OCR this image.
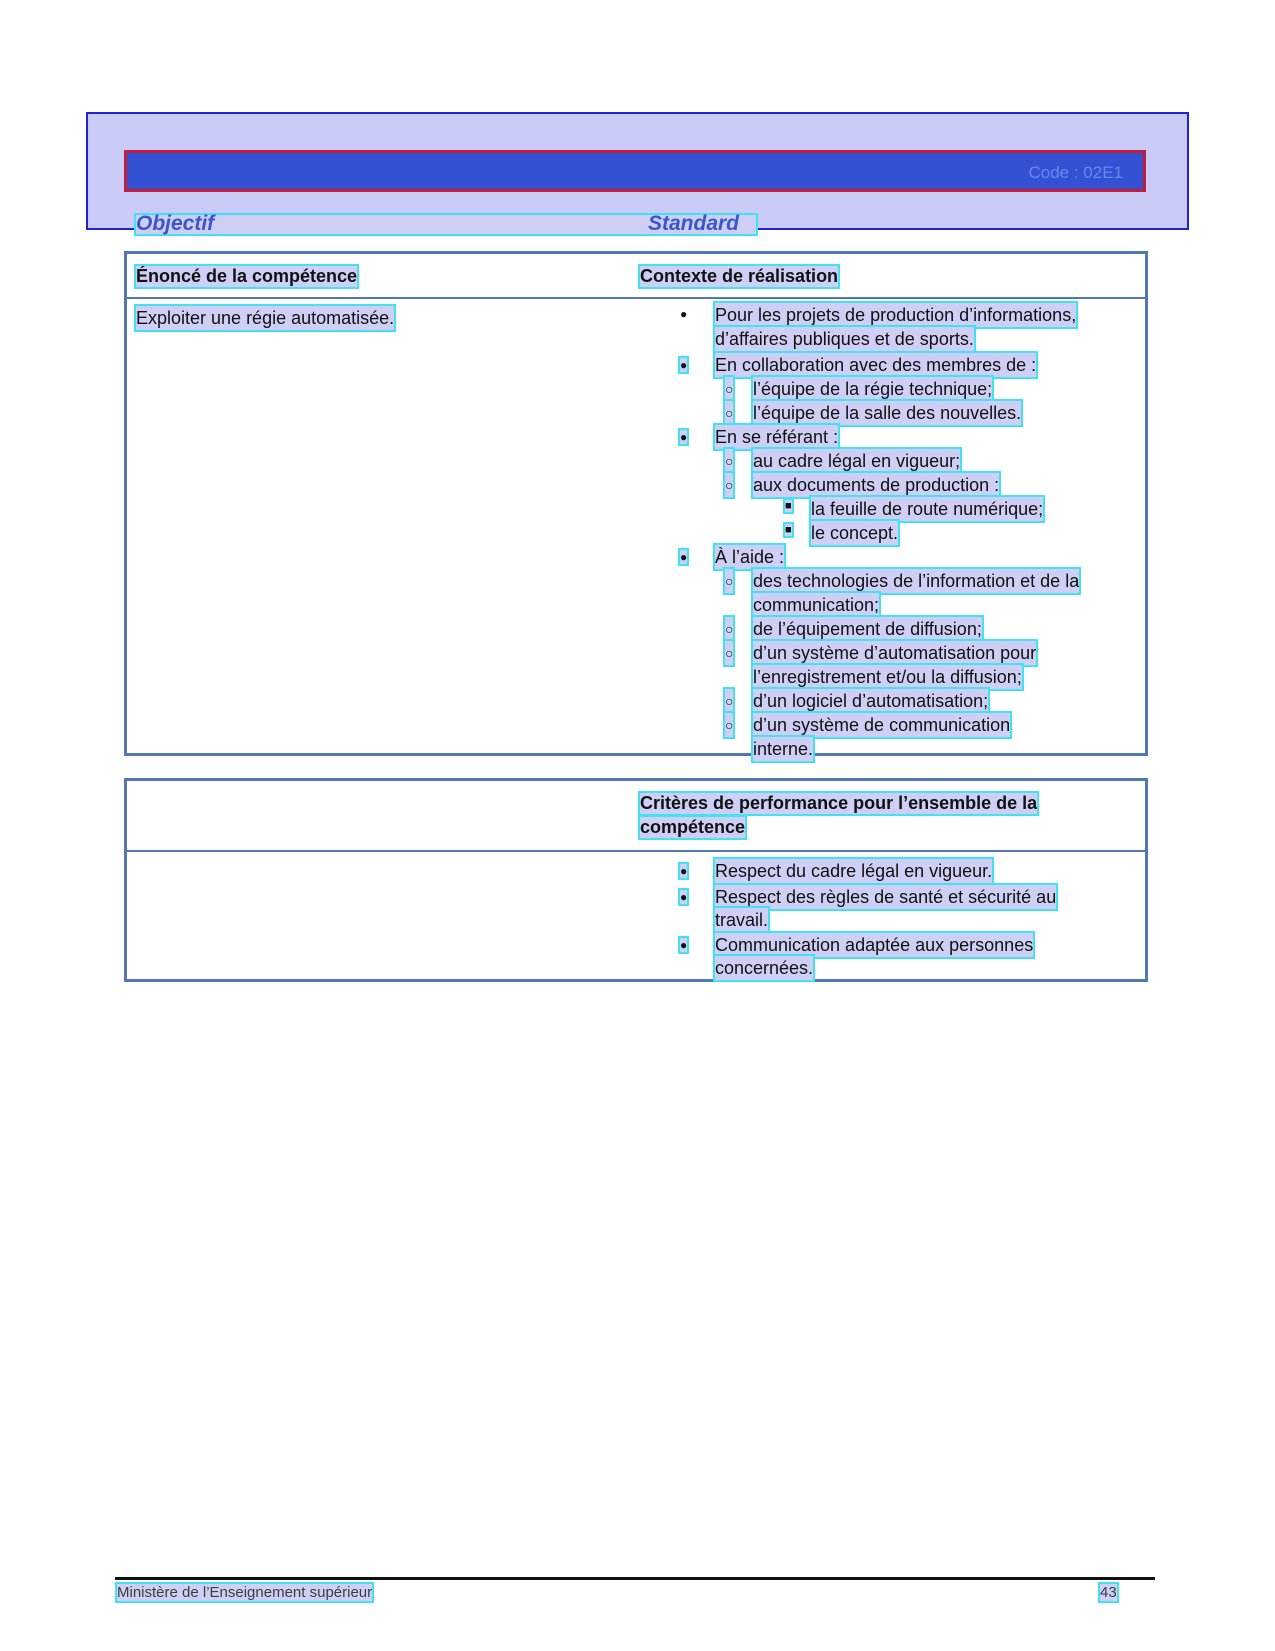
Code : 02E1
Objectif	Standard
Énoncé de la compétence	Contexte de réalisation
Exploiter une régie automatisée.	● Pour les projets de production d’informations,
d’affaires publiques et de sports.
● En collaboration avec des membres de :
○ l’équipe de la régie technique;
○ l’équipe de la salle des nouvelles.
● En se référant :
○ au cadre légal en vigueur;
○ aux documents de production :
■ la feuille de route numérique;
■ le concept.
● À l’aide :
○ des technologies de l’information et de la
communication;
○ de l’équipement de diffusion;
○ d’un système d’automatisation pour
l’enregistrement et/ou la diffusion;
○ d’un logiciel d’automatisation;
○ d’un système de communication
interne.
Critères de performance pour l’ensemble de la
compétence
● Respect du cadre légal en vigueur.
● Respect des règles de santé et sécurité au
travail.
● Communication adaptée aux personnes
concernées.
Ministère de l’Enseignement supérieur	43
